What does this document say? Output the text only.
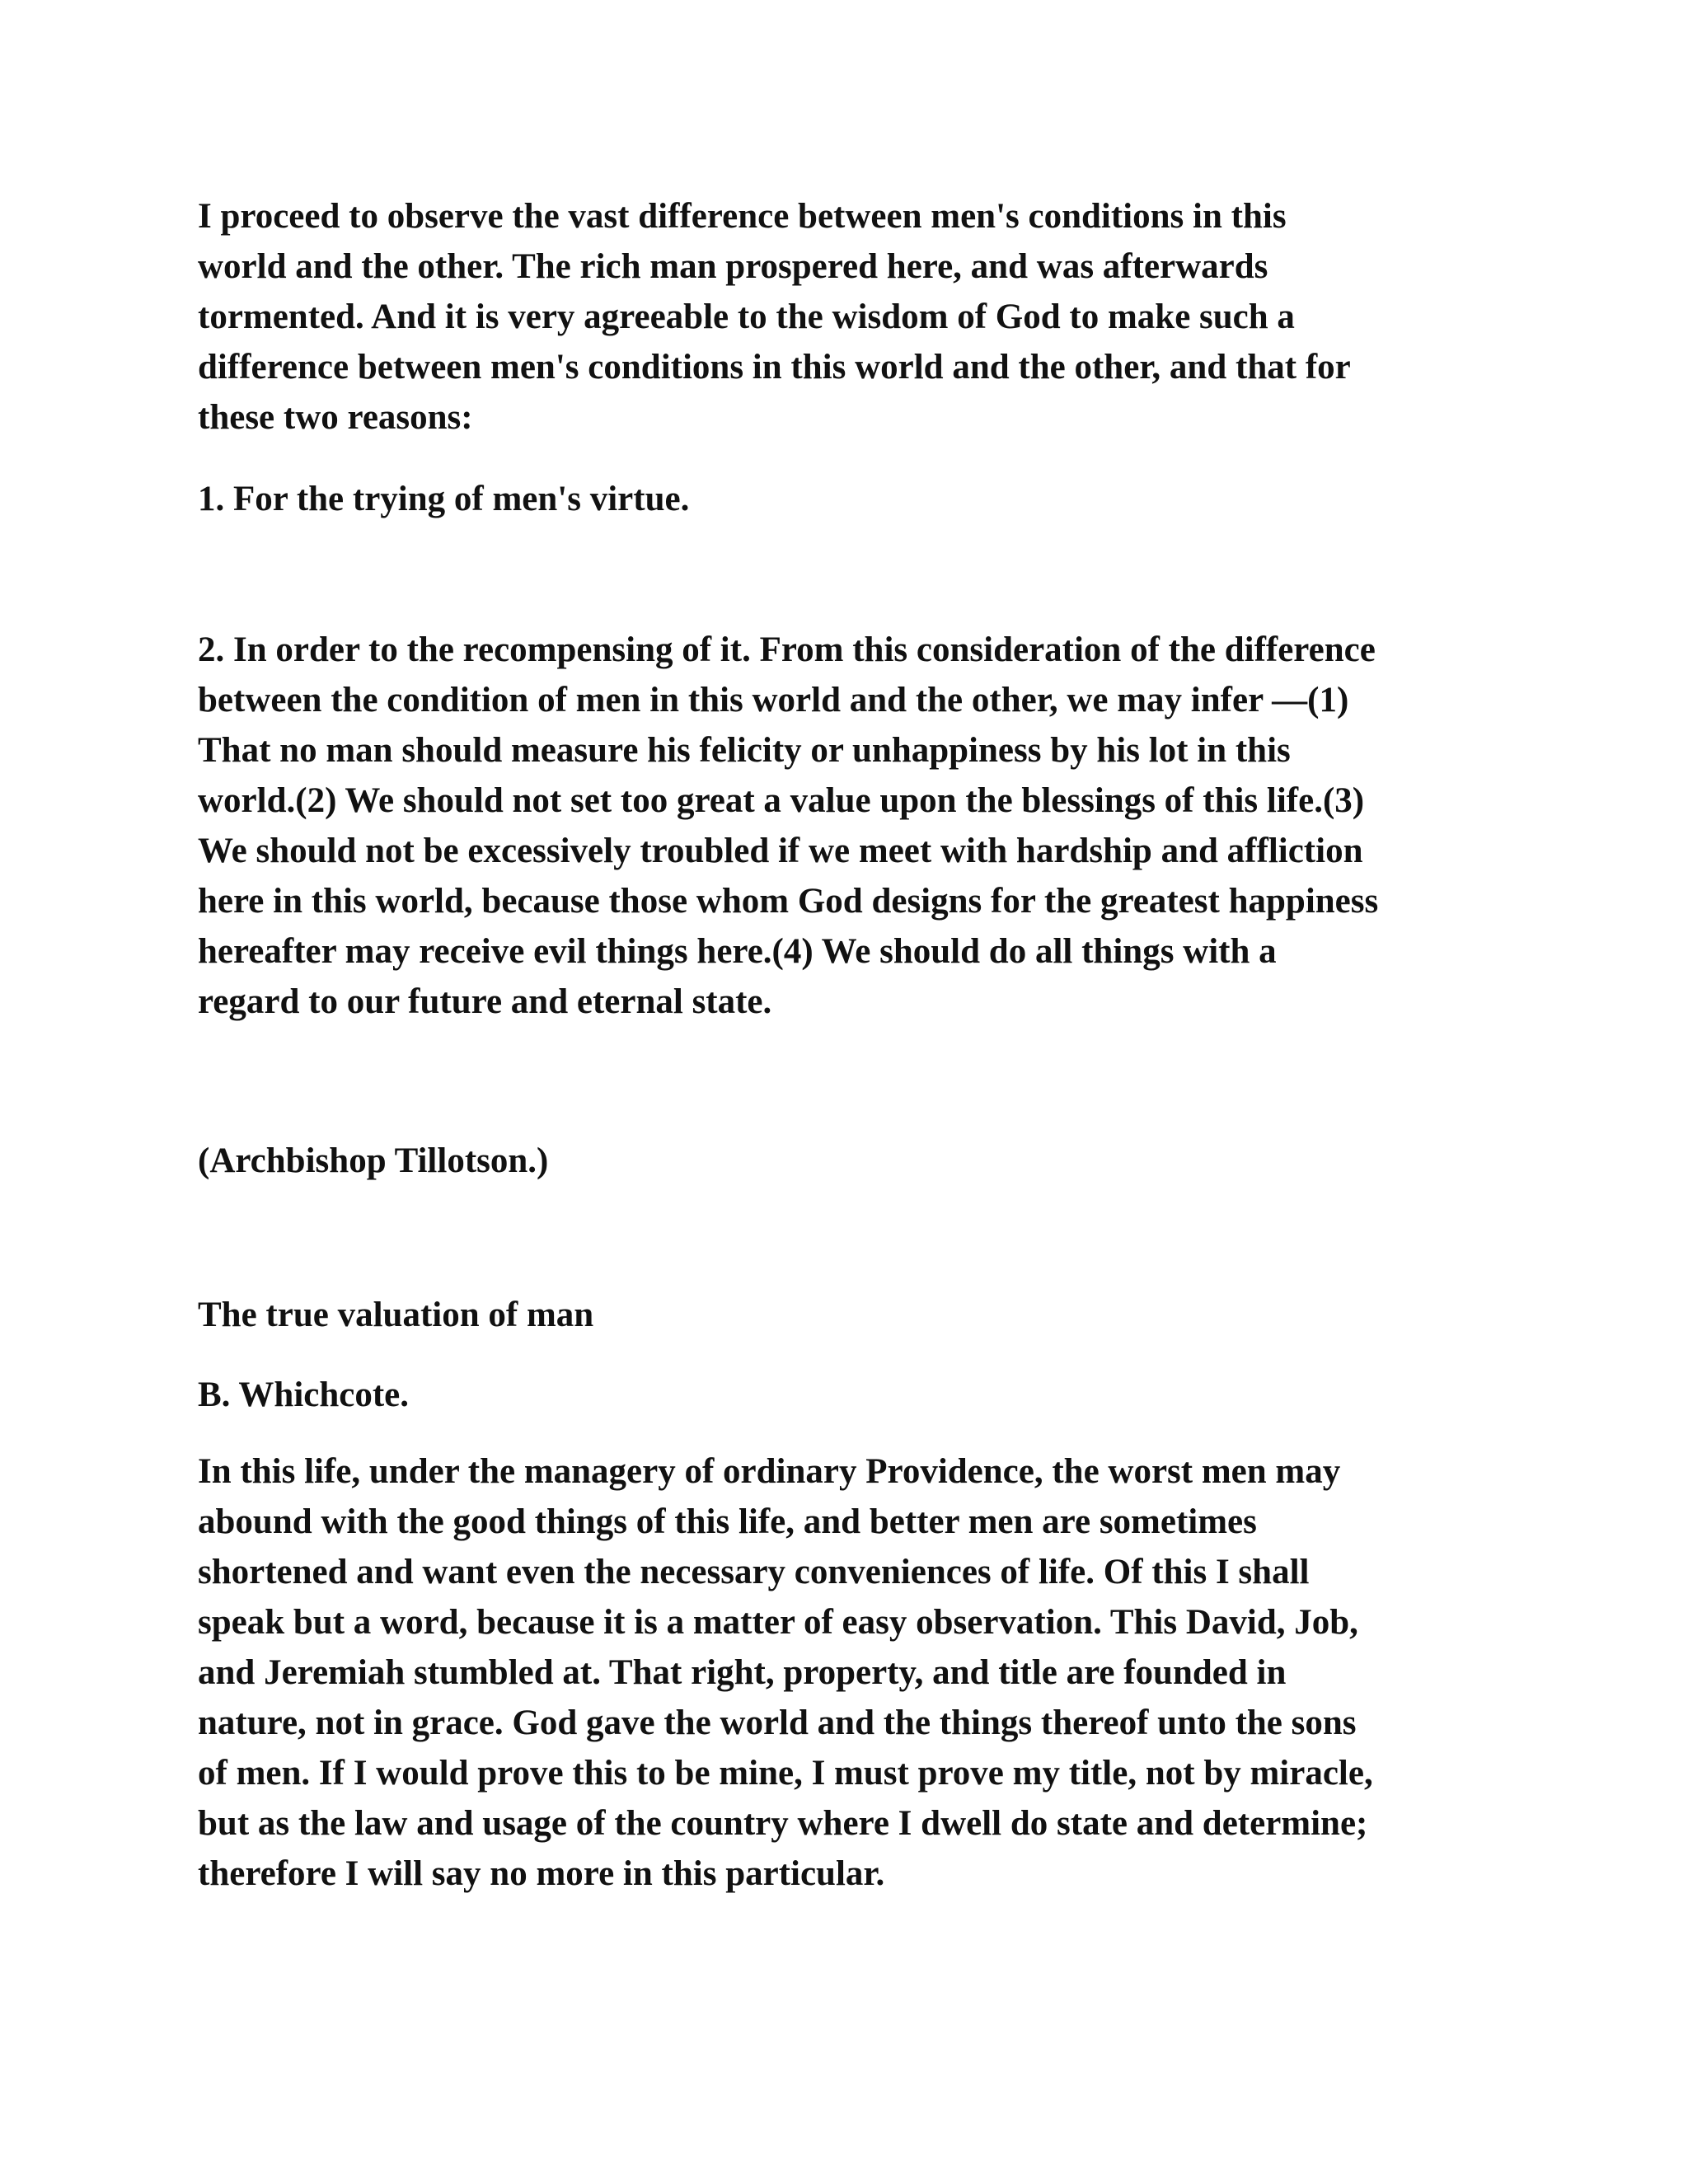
I proceed to observe the vast difference between men's conditions in this
world and the other. The rich man prospered here, and was afterwards
tormented. And it is very agreeable to the wisdom of God to make such a
difference between men's conditions in this world and the other, and that for
these two reasons:
1. For the trying of men's virtue.
2. In order to the recompensing of it. From this consideration of the difference
between the condition of men in this world and the other, we may infer —(1)
That no man should measure his felicity or unhappiness by his lot in this
world.(2) We should not set too great a value upon the blessings of this life.(3)
We should not be excessively troubled if we meet with hardship and affliction
here in this world, because those whom God designs for the greatest happiness
hereafter may receive evil things here.(4) We should do all things with a
regard to our future and eternal state.
(Archbishop Tillotson.)
The true valuation of man
B. Whichcote.
In this life, under the managery of ordinary Providence, the worst men may
abound with the good things of this life, and better men are sometimes
shortened and want even the necessary conveniences of life. Of this I shall
speak but a word, because it is a matter of easy observation. This David, Job,
and Jeremiah stumbled at. That right, property, and title are founded in
nature, not in grace. God gave the world and the things thereof unto the sons
of men. If I would prove this to be mine, I must prove my title, not by miracle,
but as the law and usage of the country where I dwell do state and determine;
therefore I will say no more in this particular.
